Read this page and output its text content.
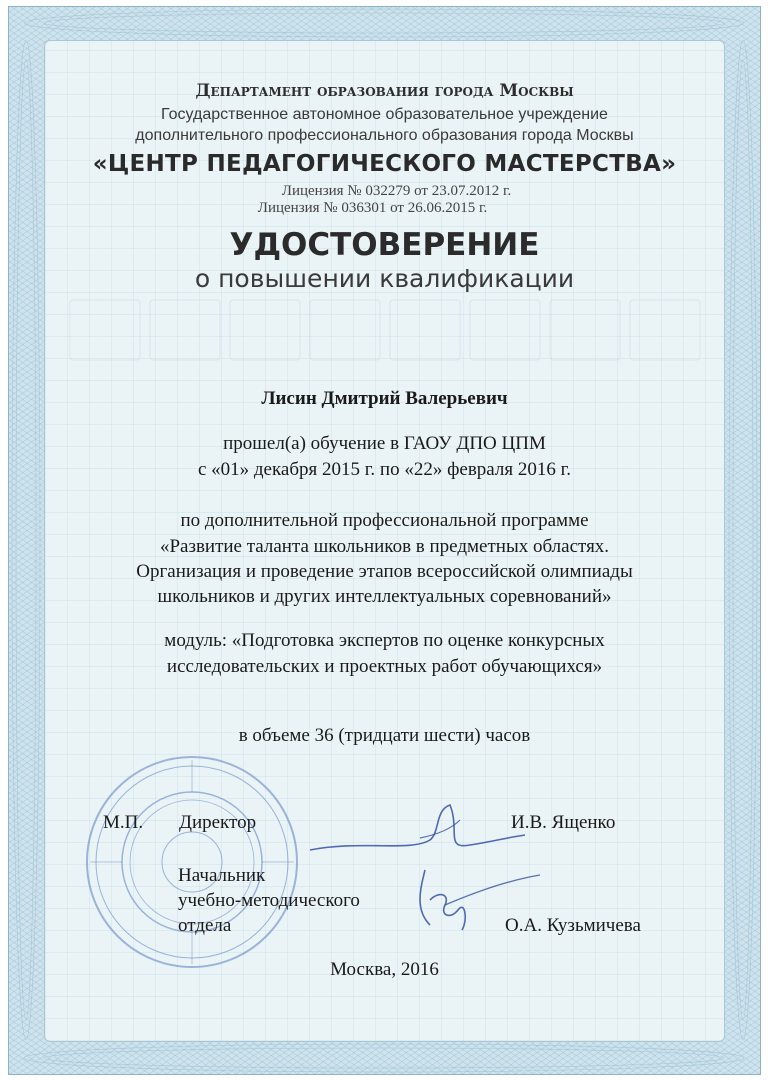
Департамент образования города Москвы
Государственное автономное образовательное учреждение
дополнительного профессионального образования города Москвы
«ЦЕНТР ПЕДАГОГИЧЕСКОГО МАСТЕРСТВА»
Лицензия № 032279 от 23.07.2012 г.
Лицензия № 036301 от 26.06.2015 г.
УДОСТОВЕРЕНИЕ
о повышении квалификации
Лисин Дмитрий Валерьевич
прошел(а) обучение в ГАОУ ДПО ЦПМ
с «01» декабря 2015 г. по «22» февраля 2016 г.
по дополнительной профессиональной программе
«Развитие таланта школьников в предметных областях.
Организация и проведение этапов всероссийской олимпиады
школьников и других интеллектуальных соревнований»
модуль: «Подготовка экспертов по оценке конкурсных
исследовательских и проектных работ обучающихся»
в объеме 36 (тридцати шести) часов
М.П. Директор	И.В. Ященко
Начальник
учебно-методического
отдела	О.А. Кузьмичева
Москва, 2016
